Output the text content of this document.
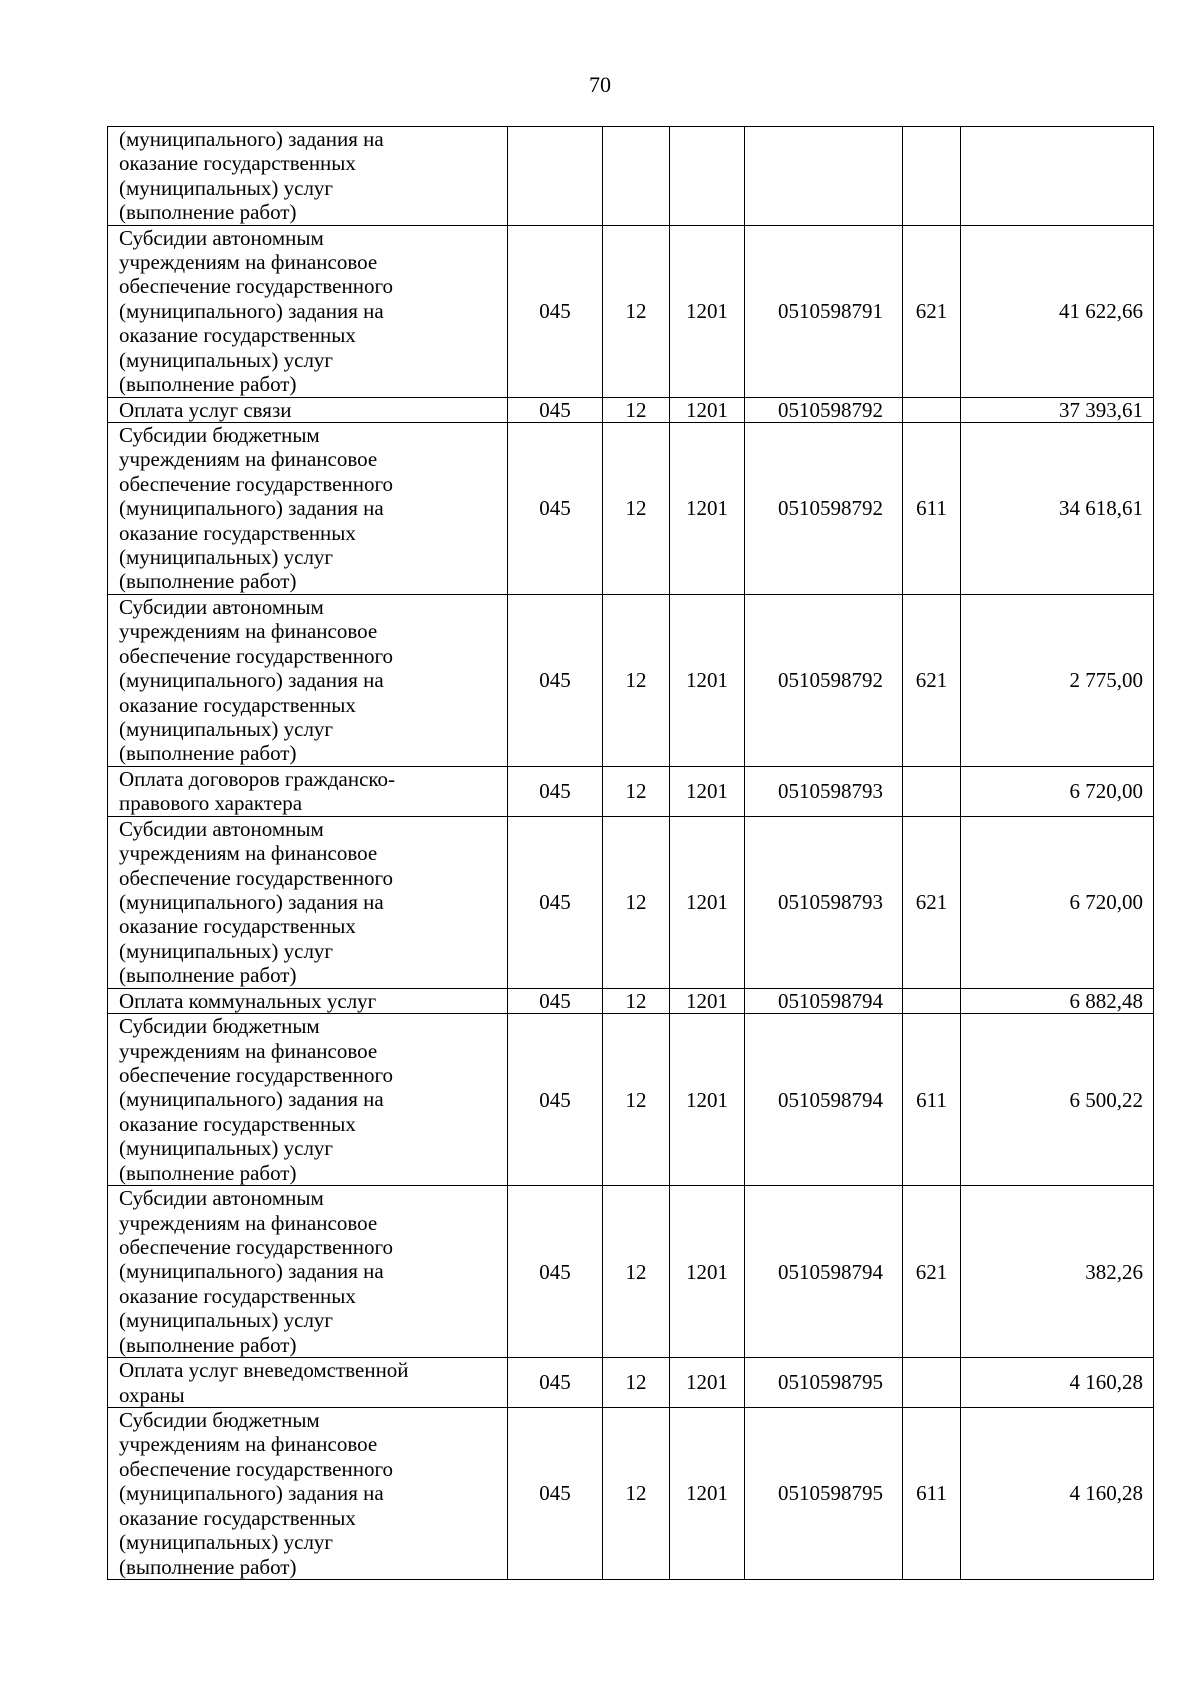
70
(муниципального) задания на оказание государственных (муниципальных) услуг (выполнение работ)						

Субсидии автономным учреждениям на финансовое обеспечение государственного (муниципального) задания на оказание государственных (муниципальных) услуг (выполнение работ)	045	12	1201	0510598791	621	41 622,66

Оплата услуг связи	045	12	1201	0510598792		37 393,61

Субсидии бюджетным учреждениям на финансовое обеспечение государственного (муниципального) задания на оказание государственных (муниципальных) услуг (выполнение работ)	045	12	1201	0510598792	611	34 618,61

Субсидии автономным учреждениям на финансовое обеспечение государственного (муниципального) задания на оказание государственных (муниципальных) услуг (выполнение работ)	045	12	1201	0510598792	621	2 775,00

Оплата договоров гражданско-правового характера	045	12	1201	0510598793		6 720,00

Субсидии автономным учреждениям на финансовое обеспечение государственного (муниципального) задания на оказание государственных (муниципальных) услуг (выполнение работ)	045	12	1201	0510598793	621	6 720,00

Оплата коммунальных услуг	045	12	1201	0510598794		6 882,48

Субсидии бюджетным учреждениям на финансовое обеспечение государственного (муниципального) задания на оказание государственных (муниципальных) услуг (выполнение работ)	045	12	1201	0510598794	611	6 500,22

Субсидии автономным учреждениям на финансовое обеспечение государственного (муниципального) задания на оказание государственных (муниципальных) услуг (выполнение работ)	045	12	1201	0510598794	621	382,26

Оплата услуг вневедомственной охраны	045	12	1201	0510598795		4 160,28

Субсидии бюджетным учреждениям на финансовое обеспечение государственного (муниципального) задания на оказание государственных (муниципальных) услуг (выполнение работ)	045	12	1201	0510598795	611	4 160,28
